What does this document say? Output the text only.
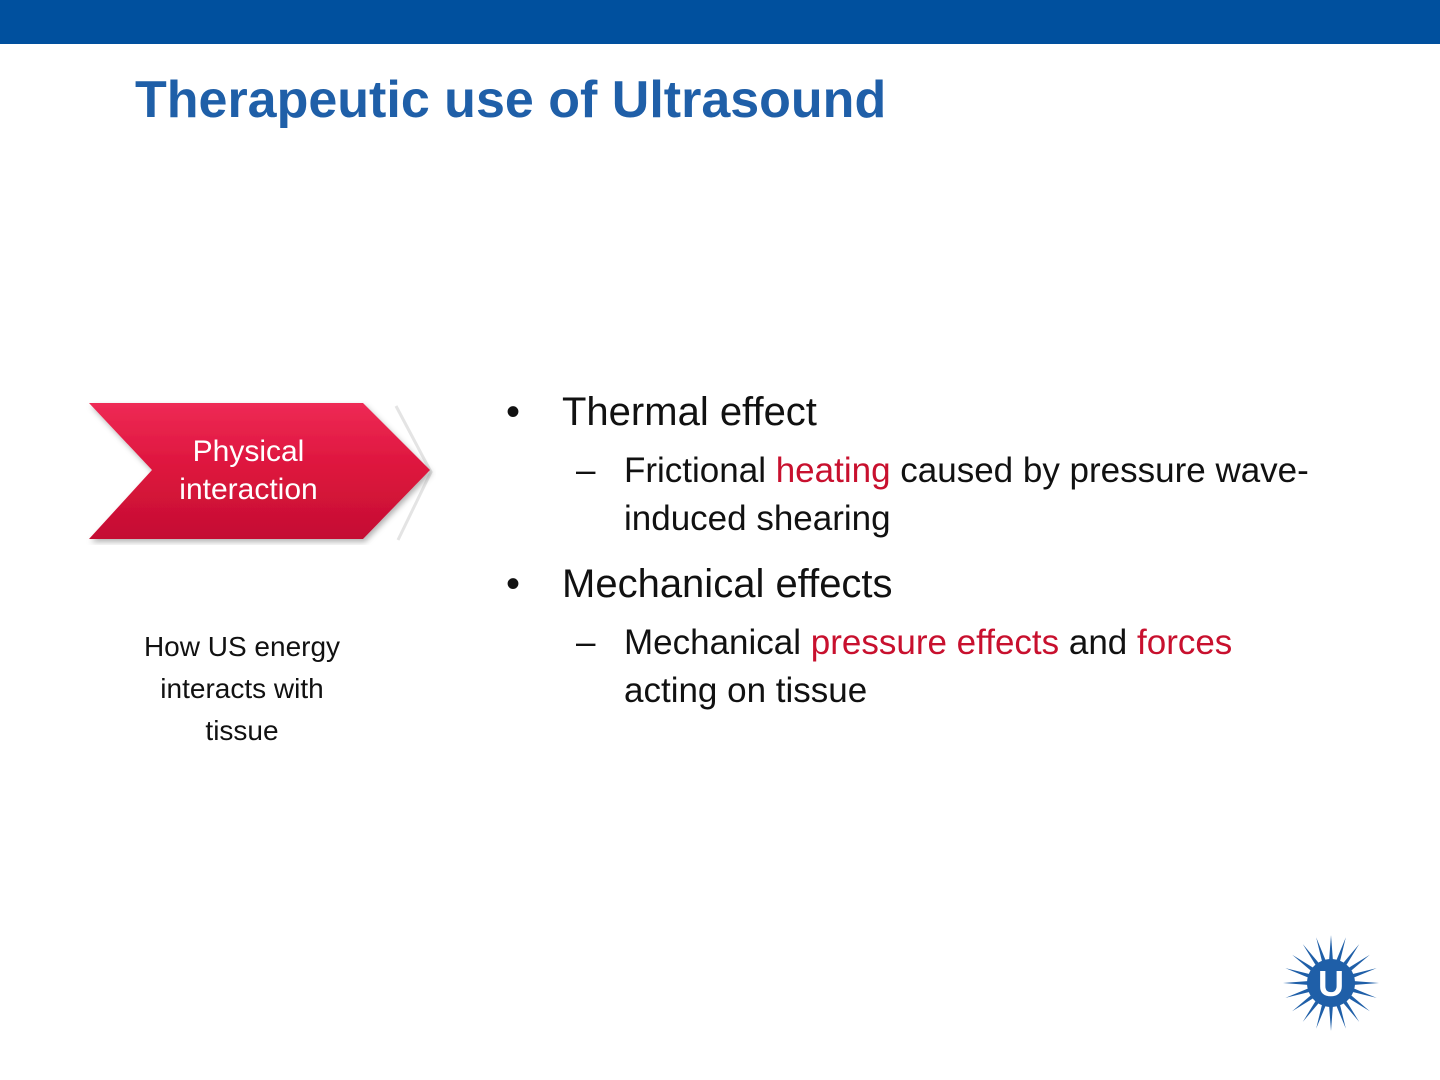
Therapeutic use of Ultrasound
Physical
interaction
How US energy
interacts with
tissue
• Thermal effect
– Frictional heating caused by pressure wave-induced shearing
• Mechanical effects
– Mechanical pressure effects and forces acting on tissue
U
